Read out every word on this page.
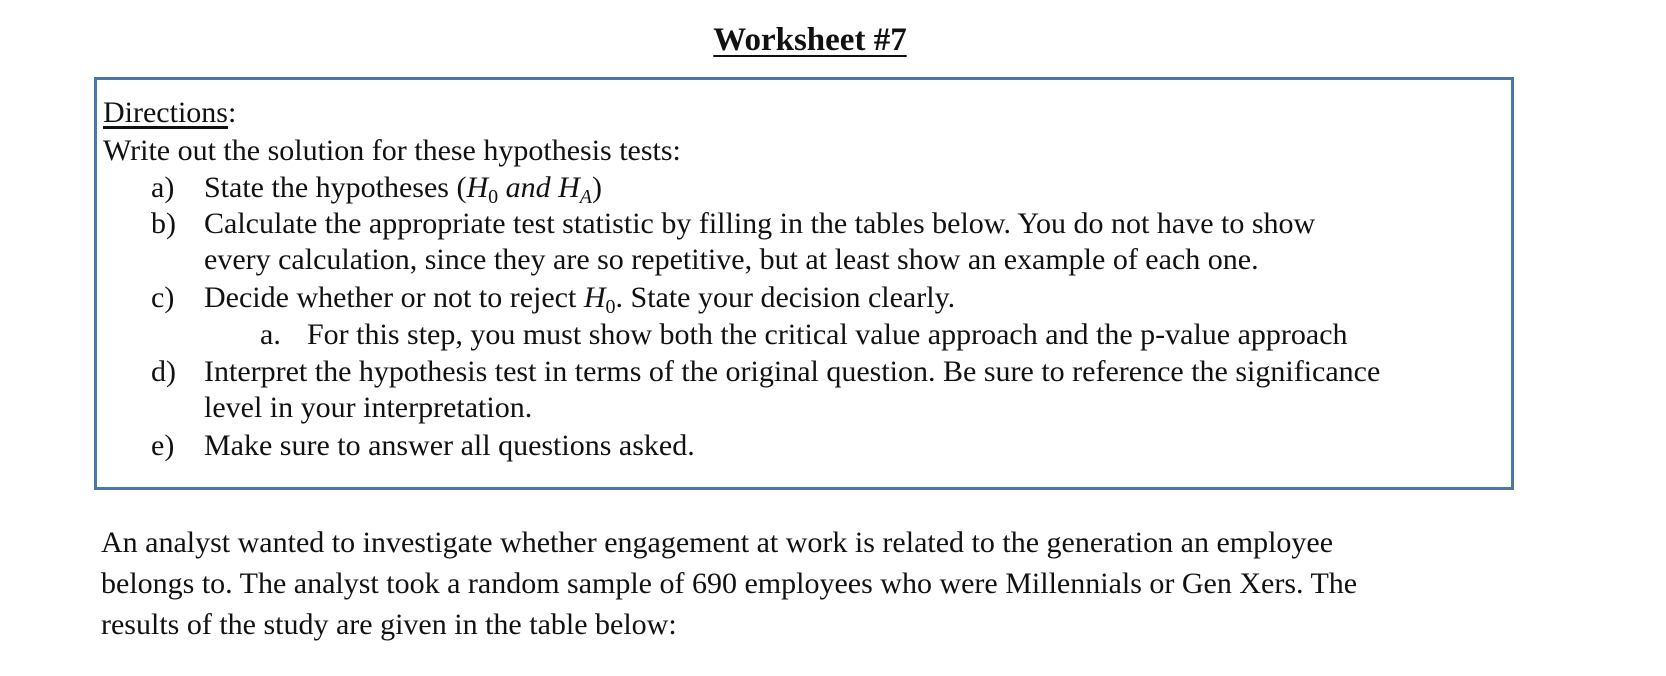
Worksheet #7
Directions:
Write out the solution for these hypothesis tests:
a) State the hypotheses ($H_0$ and $H_A$)
b) Calculate the appropriate test statistic by filling in the tables below. You do not have to show
every calculation, since they are so repetitive, but at least show an example of each one.
c) Decide whether or not to reject $H_0$. State your decision clearly.
a. For this step, you must show both the critical value approach and the p-value approach
d) Interpret the hypothesis test in terms of the original question. Be sure to reference the significance
level in your interpretation.
e) Make sure to answer all questions asked.
An analyst wanted to investigate whether engagement at work is related to the generation an employee
belongs to. The analyst took a random sample of 690 employees who were Millennials or Gen Xers. The
results of the study are given in the table below:
